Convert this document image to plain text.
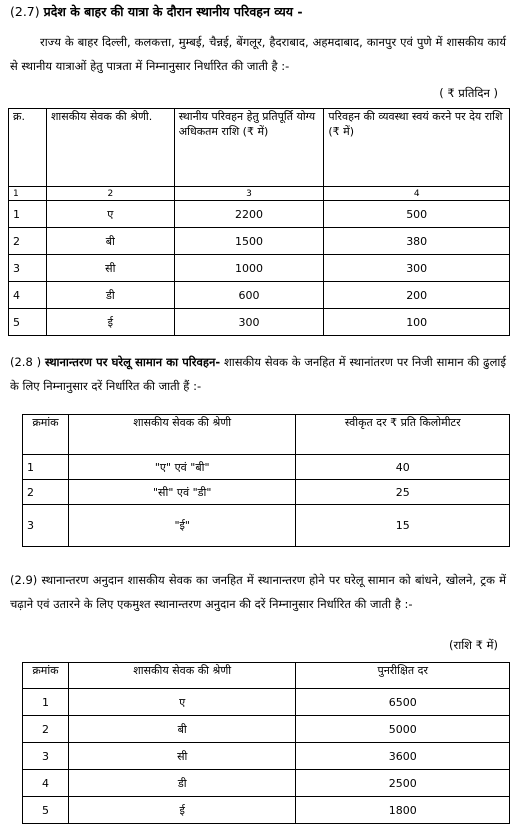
(2.7) प्रदेश के बाहर की यात्रा के दौरान स्थानीय परिवहन व्यय -
राज्य के बाहर दिल्ली, कलकत्ता, मुम्बई, चैन्नई, बेंगलूर, हैदराबाद, अहमदाबाद, कानपुर एवं पुणे में शासकीय कार्य से स्थानीय यात्राओं हेतु पात्रता में निम्नानुसार निर्धारित की जाती है :-
( ₹ प्रतिदिन )
क्र.	शासकीय सेवक की श्रेणी.	स्थानीय परिवहन हेतु प्रतिपूर्ति योग्य अधिकतम राशि (₹ में)	परिवहन की व्यवस्था स्वयं करने पर देय राशि (₹ में)
1	2	3	4
1	ए	2200	500
2	बी	1500	380
3	सी	1000	300
4	डी	600	200
5	ई	300	100
(2.8 ) स्थानान्तरण पर घरेलू सामान का परिवहन- शासकीय सेवक के जनहित में स्थानांतरण पर निजी सामान की ढुलाई के लिए निम्नानुसार दरें निर्धारित की जाती हैं :-
क्रमांक	शासकीय सेवक की श्रेणी	स्वीकृत दर ₹ प्रति किलोमीटर
1	"ए" एवं "बी"	40
2	"सी" एवं "डी"	25
3	"ई"	15
(2.9) स्थानान्तरण अनुदान शासकीय सेवक का जनहित में स्थानान्तरण होने पर घरेलू सामान को बांधने, खोलने, ट्रक में चढ़ाने एवं उतारने के लिए एकमुश्त स्थानान्तरण अनुदान की दरें निम्नानुसार निर्धारित की जाती है :-
(राशि ₹ में)
क्रमांक	शासकीय सेवक की श्रेणी	पुनरीक्षित दर
1	ए	6500
2	बी	5000
3	सी	3600
4	डी	2500
5	ई	1800
